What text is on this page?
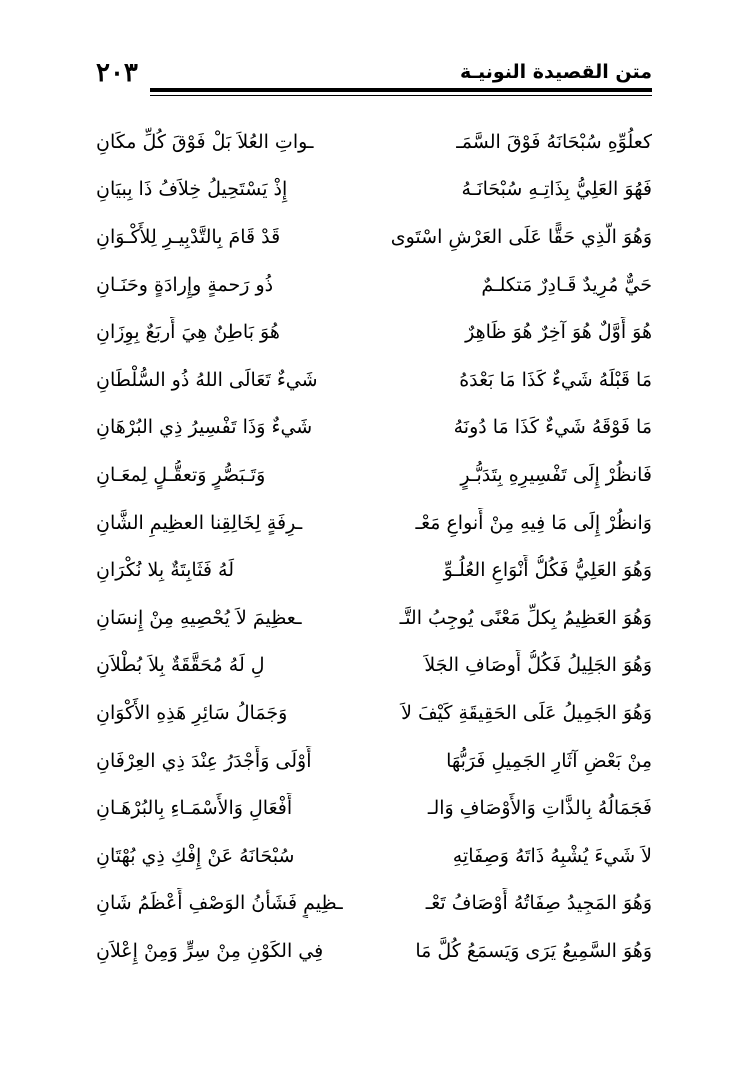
٢٠٣	متن القصيدة النونيـة
كعلُوِّهِ سُبْحَانَهُ فَوْقَ السَّمَـ
ـواتِ العُلاَ بَلْ فَوْقَ كُلِّ مكَانِ
فَهُوَ العَلِيُّ بِذَاتِـهِ سُبْحَانَـهُ
إِذْ يَسْتَحِيلُ خِلاَفُ ذَا بِبيَانِ
وَهُوَ الَّذِي حَقًّا عَلَى العَرْشِ اسْتَوى
قَدْ قَامَ بِالتَّدْبِيـرِ لِلأَكْـوَانِ
حَيٌّ مُرِيدٌ قَـادِرٌ مَتكلـمٌ
ذُو رَحمةٍ وإِرادَةٍ وحَنَـانِ
هُوَ أَوَّلٌ هُوَ آخِرٌ هُوَ ظَاهِرٌ
هُوَ بَاطِنٌ هِيَ أَربَعٌ بِوِزَانِ
مَا قَبْلَهُ شَيءٌ كَذَا مَا بَعْدَهُ
شَيءٌ تَعَالَى اللهُ ذُو السُّلْطَانِ
مَا فَوْقَهُ شَيءٌ كَذَا مَا دُونَهُ
شَيءٌ وَذَا تَفْسِيرُ ذِي البُرْهَانِ
فَانظُرْ إِلَى تَفْسِيرِهِ بِتَدَبُّـرٍ
وَتَـبَصُّرٍ وَتعقُّـلٍ لِمعَـانِ
وَانظُرْ إِلَى مَا فِيهِ مِنْ أَنواعِ مَعْـ
ـرِفَةٍ لِخَالِقِنا العظِيمِ الشَّانِ
وَهُوَ العَلِيُّ فَكُلُّ أَنْوَاعِ العُلُـوِّ
لَهُ فَثَابِتَةٌ بِلا نُكْرَانِ
وَهُوَ العَظِيمُ بِكلِّ مَعْنًى يُوجِبُ التَّـ
ـعظِيمَ لاَ يُحْصِيهِ مِنْ إِنسَانِ
وَهُوَ الجَلِيلُ فَكُلُّ أَوصَافِ الجَلاَ
لِ لَهُ مُحَقَّقَةٌ بِلاَ بُطْلاَنِ
وَهُوَ الجَمِيلُ عَلَى الحَقِيقَةِ كَيْفَ لاَ
وَجَمَالُ سَائِرِ هَذِهِ الأَكْوَانِ
مِنْ بَعْضِ آثَارِ الجَمِيلِ فَرَبُّهَا
أَوْلَى وَأَجْدَرُ عِنْدَ ذِي العِرْفَانِ
فَجَمَالُهُ بِالذَّاتِ وَالأَوْصَافِ وَالـ
أَفْعَالِ وَالأَسْمَـاءِ بِالبُرْهَـانِ
لاَ شَيءَ يُشْبِهُ ذَاتَهُ وَصِفَاتِهِ
سُبْحَانَهُ عَنْ إِفْكِ ذِي بُهْتَانِ
وَهُوَ المَجِيدُ صِفَاتُهُ أَوْصَافُ تَعْـ
ـظِيمٍ فَشَأْنُ الوَصْفِ أَعْظَمُ شَانِ
وَهُوَ السَّمِيعُ يَرَى وَيَسمَعُ كُلَّ مَا
فِي الكَوْنِ مِنْ سِرٍّ وَمِنْ إِعْلاَنِ
